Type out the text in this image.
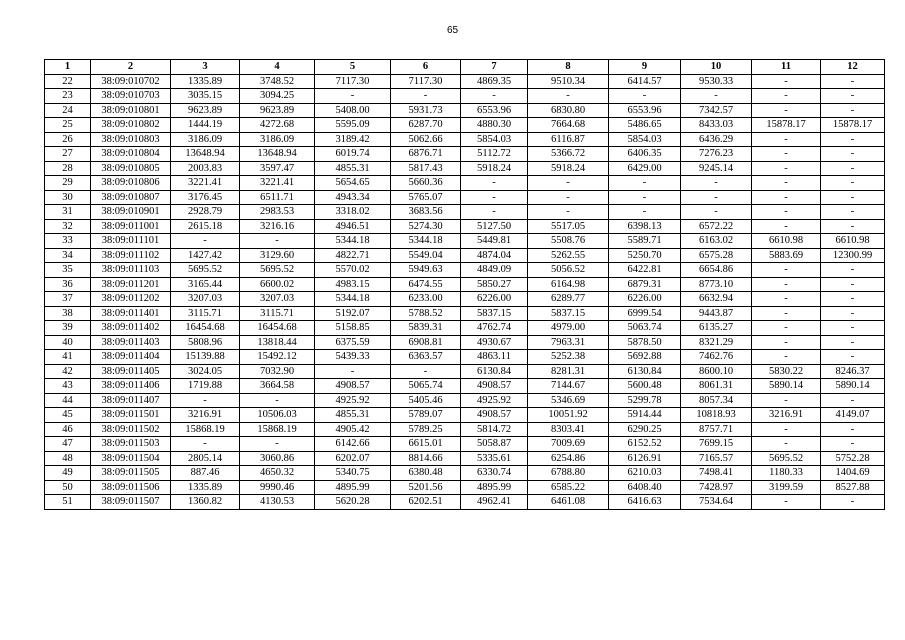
65
1	2	3	4	5	6	7	8	9	10	11	12
22	38:09:010702	1335.89	3748.52	7117.30	7117.30	4869.35	9510.34	6414.57	9530.33	-	-
23	38:09:010703	3035.15	3094.25	-	-	-	-	-	-	-	-
24	38:09:010801	9623.89	9623.89	5408.00	5931.73	6553.96	6830.80	6553.96	7342.57	-	-
25	38:09:010802	1444.19	4272.68	5595.09	6287.70	4880.30	7664.68	5486.65	8433.03	15878.17	15878.17
26	38:09:010803	3186.09	3186.09	3189.42	5062.66	5854.03	6116.87	5854.03	6436.29	-	-
27	38:09:010804	13648.94	13648.94	6019.74	6876.71	5112.72	5366.72	6406.35	7276.23	-	-
28	38:09:010805	2003.83	3597.47	4855.31	5817.43	5918.24	5918.24	6429.00	9245.14	-	-
29	38:09:010806	3221.41	3221.41	5654.65	5660.36	-	-	-	-	-	-
30	38:09:010807	3176.45	6511.71	4943.34	5765.07	-	-	-	-	-	-
31	38:09:010901	2928.79	2983.53	3318.02	3683.56	-	-	-	-	-	-
32	38:09:011001	2615.18	3216.16	4946.51	5274.30	5127.50	5517.05	6398.13	6572.22	-	-
33	38:09:011101	-	-	5344.18	5344.18	5449.81	5508.76	5589.71	6163.02	6610.98	6610.98
34	38:09:011102	1427.42	3129.60	4822.71	5549.04	4874.04	5262.55	5250.70	6575.28	5883.69	12300.99
35	38:09:011103	5695.52	5695.52	5570.02	5949.63	4849.09	5056.52	6422.81	6654.86	-	-
36	38:09:011201	3165.44	6600.02	4983.15	6474.55	5850.27	6164.98	6879.31	8773.10	-	-
37	38:09:011202	3207.03	3207.03	5344.18	6233.00	6226.00	6289.77	6226.00	6632.94	-	-
38	38:09:011401	3115.71	3115.71	5192.07	5788.52	5837.15	5837.15	6999.54	9443.87	-	-
39	38:09:011402	16454.68	16454.68	5158.85	5839.31	4762.74	4979.00	5063.74	6135.27	-	-
40	38:09:011403	5808.96	13818.44	6375.59	6908.81	4930.67	7963.31	5878.50	8321.29	-	-
41	38:09:011404	15139.88	15492.12	5439.33	6363.57	4863.11	5252.38	5692.88	7462.76	-	-
42	38:09:011405	3024.05	7032.90	-	-	6130.84	8281.31	6130.84	8600.10	5830.22	8246.37
43	38:09:011406	1719.88	3664.58	4908.57	5065.74	4908.57	7144.67	5600.48	8061.31	5890.14	5890.14
44	38:09:011407	-	-	4925.92	5405.46	4925.92	5346.69	5299.78	8057.34	-	-
45	38:09:011501	3216.91	10506.03	4855.31	5789.07	4908.57	10051.92	5914.44	10818.93	3216.91	4149.07
46	38:09:011502	15868.19	15868.19	4905.42	5789.25	5814.72	8303.41	6290.25	8757.71	-	-
47	38:09:011503	-	-	6142.66	6615.01	5058.87	7009.69	6152.52	7699.15	-	-
48	38:09:011504	2805.14	3060.86	6202.07	8814.66	5335.61	6254.86	6126.91	7165.57	5695.52	5752.28
49	38:09:011505	887.46	4650.32	5340.75	6380.48	6330.74	6788.80	6210.03	7498.41	1180.33	1404.69
50	38:09:011506	1335.89	9990.46	4895.99	5201.56	4895.99	6585.22	6408.40	7428.97	3199.59	8527.88
51	38:09:011507	1360.82	4130.53	5620.28	6202.51	4962.41	6461.08	6416.63	7534.64	-	-
